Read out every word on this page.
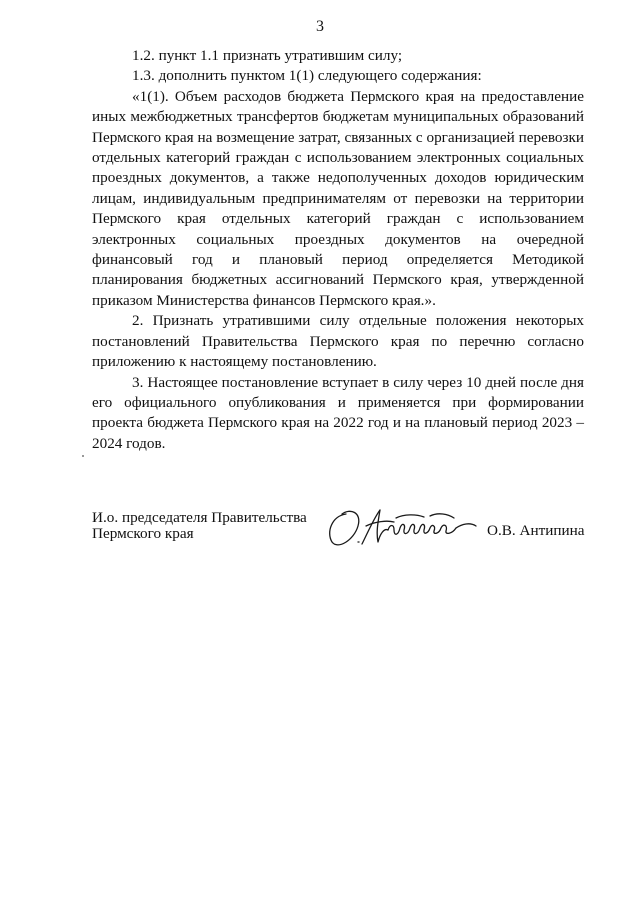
3

1.2. пункт 1.1 признать утратившим силу;

1.3. дополнить пунктом 1(1) следующего содержания:

«1(1). Объем расходов бюджета Пермского края на предоставление иных межбюджетных трансфертов бюджетам муниципальных образований Пермского края на возмещение затрат, связанных с организацией перевозки отдельных категорий граждан с использованием электронных социальных проездных документов, а также недополученных доходов юридическим лицам, индивидуальным предпринимателям от перевозки на территории Пермского края отдельных категорий граждан с использованием электронных социальных проездных документов на очередной финансовый год и плановый период определяется Методикой планирования бюджетных ассигнований Пермского края, утвержденной приказом Министерства финансов Пермского края.».

2. Признать утратившими силу отдельные положения некоторых постановлений Правительства Пермского края по перечню согласно приложению к настоящему постановлению.

3. Настоящее постановление вступает в силу через 10 дней после дня его официального опубликования и применяется при формировании проекта бюджета Пермского края на 2022 год и на плановый период 2023 – 2024 годов.

И.о. председателя Правительства
Пермского края	О.В. Антипина
